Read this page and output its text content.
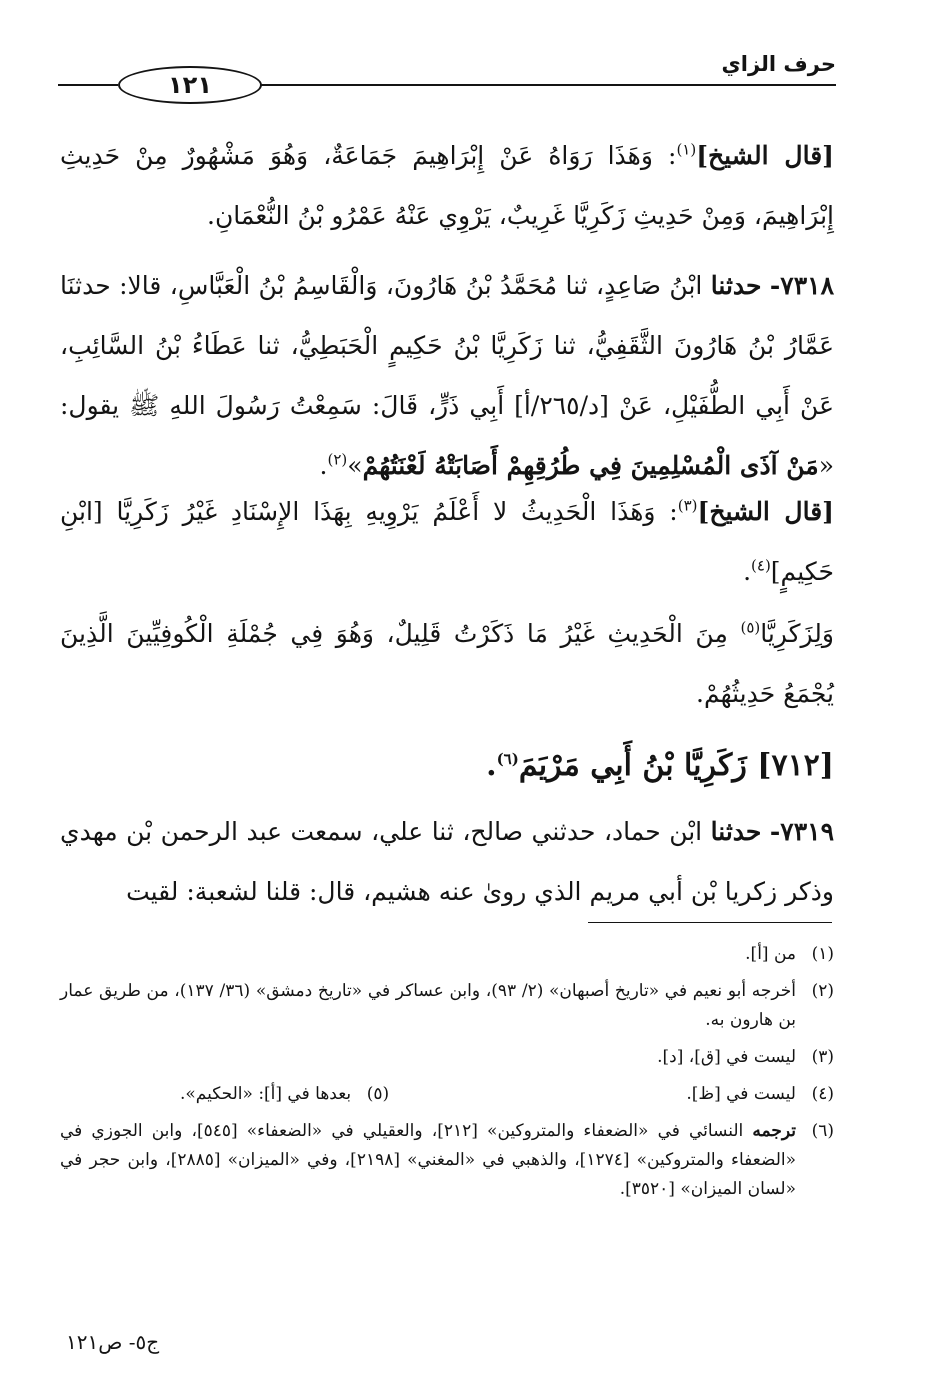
حرف الزاي
١٢١

[قال الشيخ]$^{(١)}$: وَهَذَا رَوَاهُ عَنْ إِبْرَاهِيمَ جَمَاعَةٌ، وَهُوَ مَشْهُورٌ مِنْ حَدِيثِ إِبْرَاهِيمَ، وَمِنْ حَدِيثِ زَكَرِيَّا غَرِيبٌ، يَرْوِي عَنْهُ عَمْرُو بْنُ النُّعْمَانِ.

٧٣١٨- حدثنا ابْنُ صَاعِدٍ، ثنا مُحَمَّدُ بْنُ هَارُونَ، وَالْقَاسِمُ بْنُ الْعَبَّاسِ، قالا: حدثنَا عَمَّارُ بْنُ هَارُونَ الثَّقَفِيُّ، ثنا زَكَرِيَّا بْنُ حَكِيمٍ الْحَبَطِيُّ، ثنا عَطَاءُ بْنُ السَّائِبِ، عَنْ أَبِي الطُّفَيْلِ، عَنْ [د/٢٦٥/أ] أَبِي ذَرٍّ، قَالَ: سَمِعْتُ رَسُولَ اللهِ ﷺ يقول: «مَنْ آذَى الْمُسْلِمِينَ فِي طُرُقِهِمْ أَصَابَتْهُ لَعْنَتُهُمْ»$^{(٢)}$.

[قال الشيخ]$^{(٣)}$: وَهَذَا الْحَدِيثُ لا أَعْلَمُ يَرْوِيهِ بِهَذَا الإِسْنَادِ غَيْرُ زَكَرِيَّا [ابْنِ حَكِيمٍ]$^{(٤)}$.

وَلِزَكَرِيَّا$^{(٥)}$ مِنَ الْحَدِيثِ غَيْرُ مَا ذَكَرْتُ قَلِيلٌ، وَهُوَ فِي جُمْلَةِ الْكُوفِيِّينَ الَّذِينَ يُجْمَعُ حَدِيثُهُمْ.

[٧١٢] زَكَرِيَّا بْنُ أَبِي مَرْيَمَ$^{(٦)}$.

٧٣١٩- حدثنا ابْن حماد، حدثني صالح، ثنا علي، سمعت عبد الرحمن بْن مهدي وذكر زكريا بْن أبي مريم الذي روىٰ عنه هشيم، قال: قلنا لشعبة: لقيت

(١)
من [أ].
(٢)
أخرجه أبو نعيم في «تاريخ أصبهان» (٢/ ٩٣)، وابن عساكر في «تاريخ دمشق» (٣٦/ ١٣٧)، من طريق عمار بن هارون به.
(٣)
ليست في [ق]، [د].
(٤)
ليست في [ظ].
(٥)
بعدها في [أ]: «الحكيم».
(٦)
ترجمه النسائي في «الضعفاء والمتروكين» [٢١٢]، والعقيلي في «الضعفاء» [٥٤٥]، وابن الجوزي في «الضعفاء والمتروكين» [١٢٧٤]، والذهبي في «المغني» [٢١٩٨]، وفي «الميزان» [٢٨٨٥]، وابن حجر في «لسان الميزان» [٣٥٢٠].
ج٥- ص١٢١
